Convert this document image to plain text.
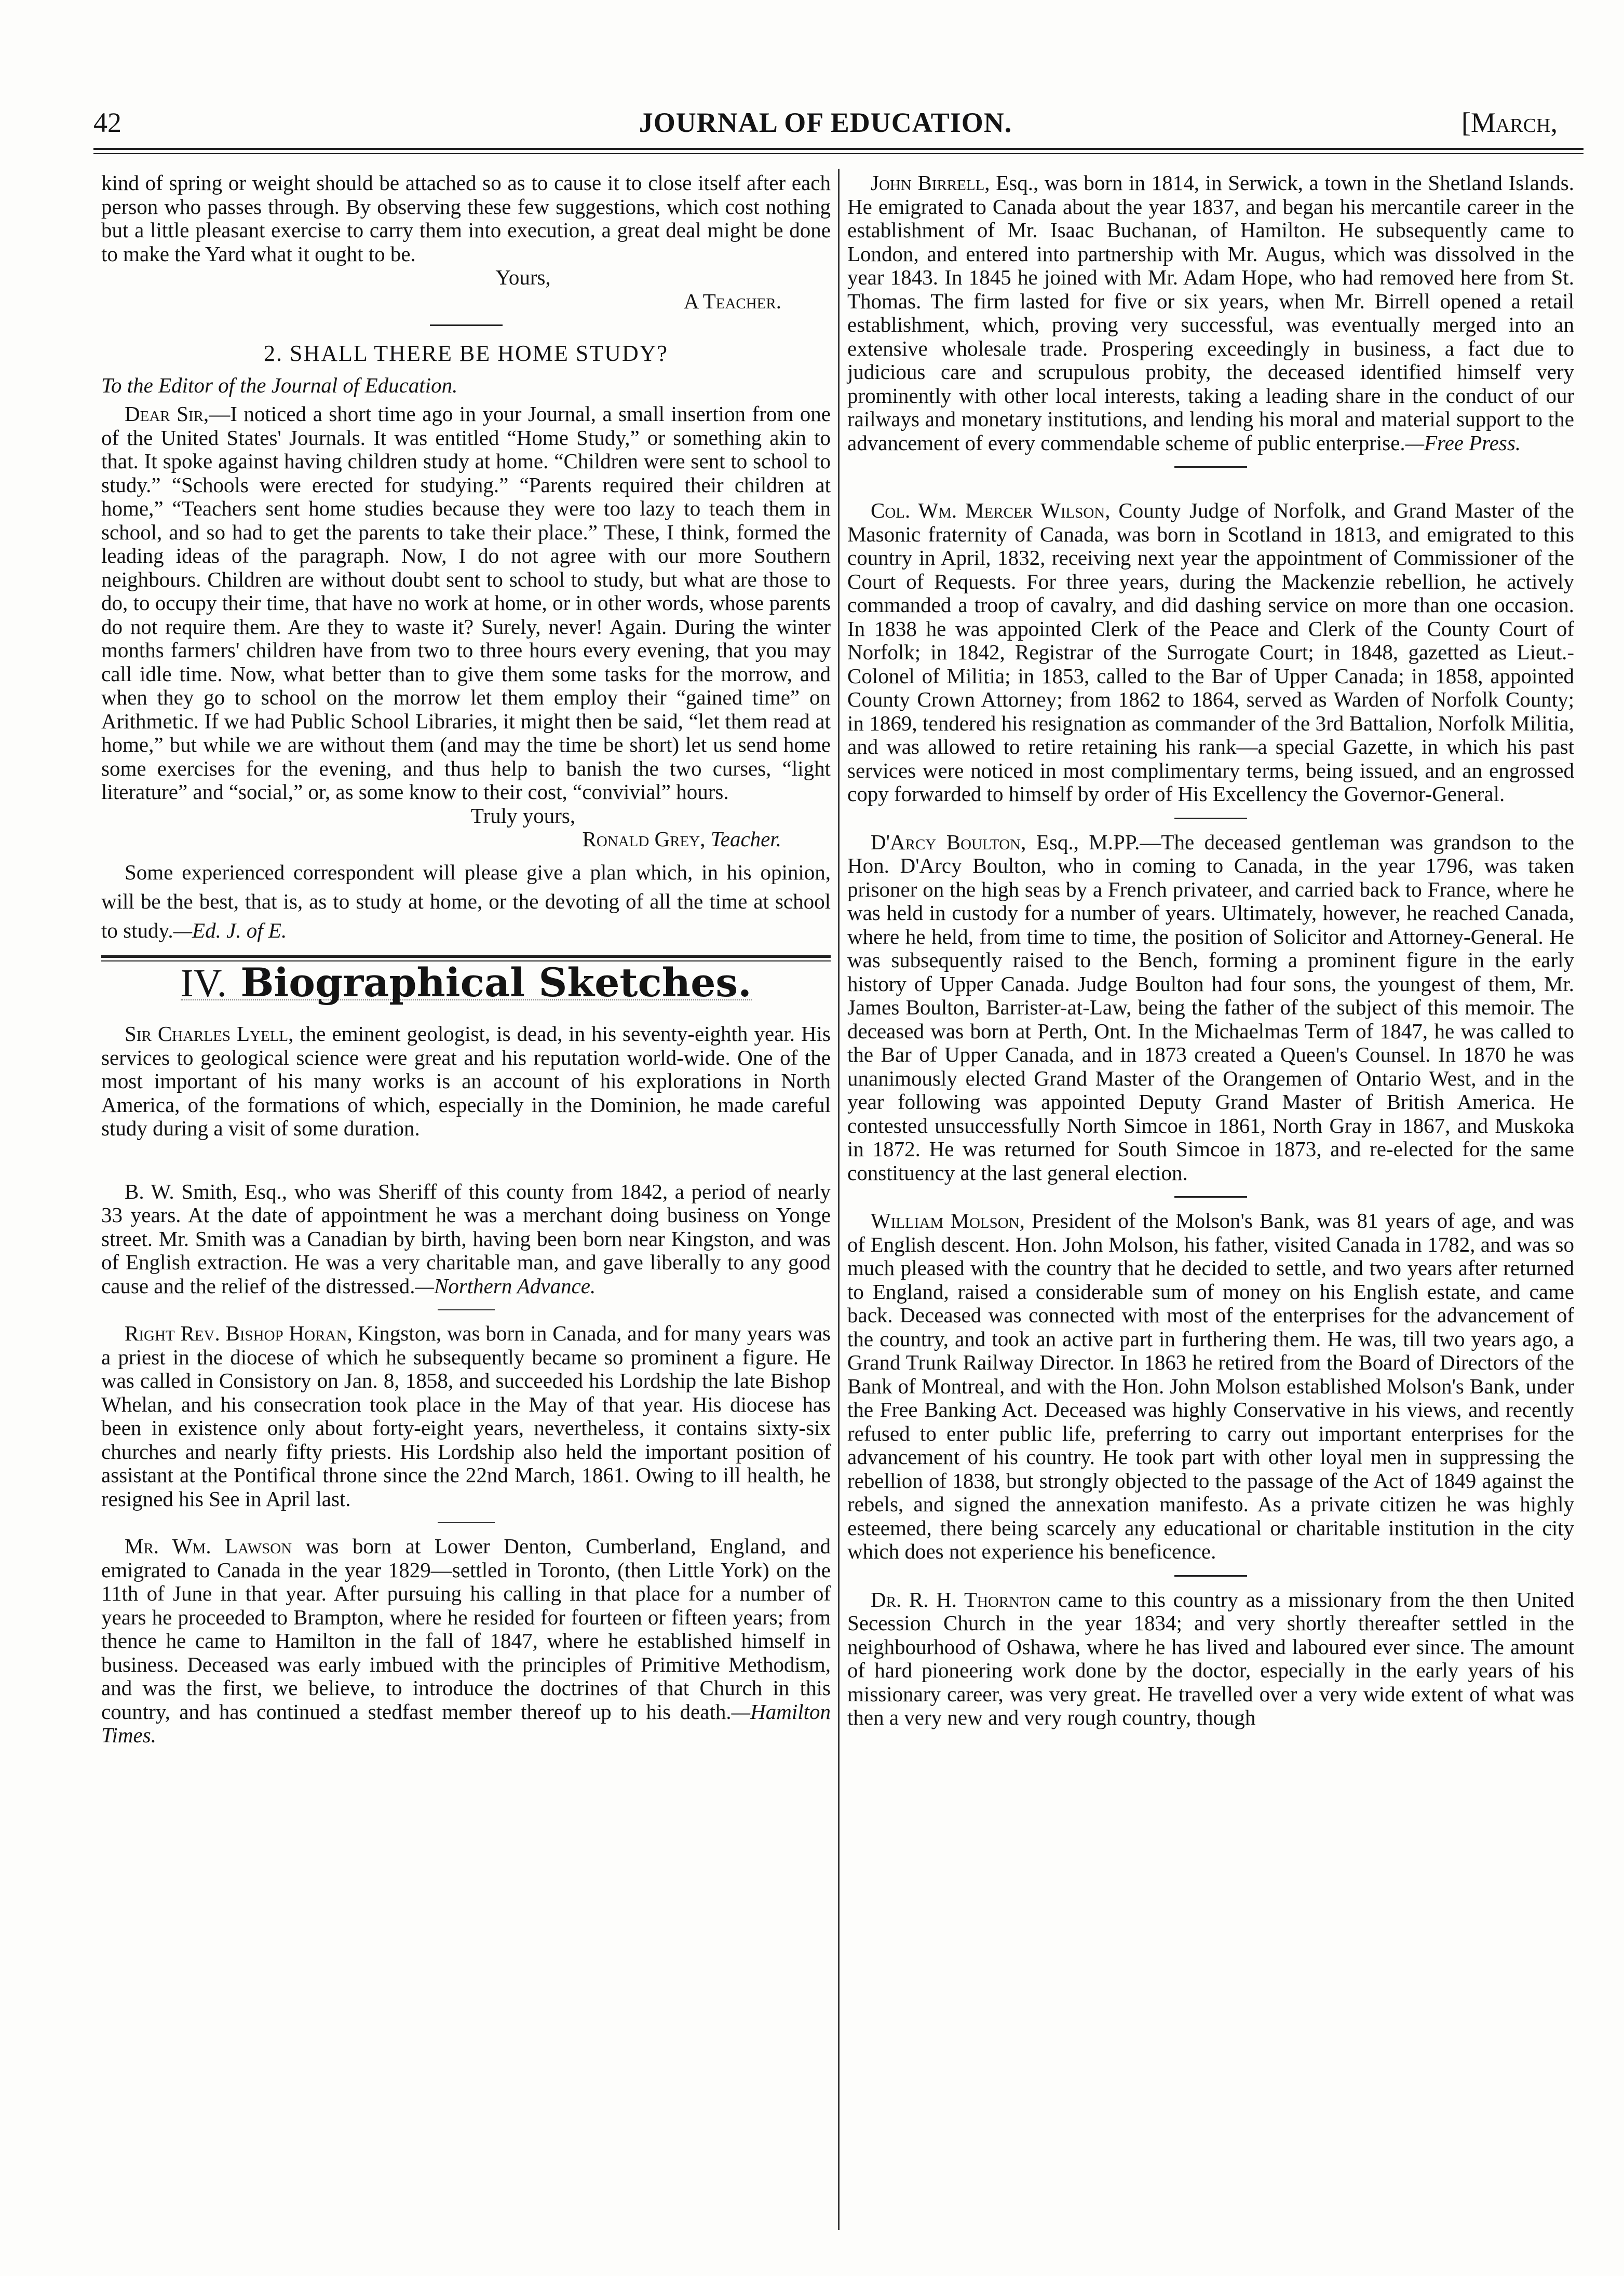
42	JOURNAL OF EDUCATION.	[March,

kind of spring or weight should be attached so as to cause it to close itself after each person who passes through. By observing these few suggestions, which cost nothing but a little pleasant exercise to carry them into execution, a great deal might be done to make the Yard what it ought to be.

Yours,
A Teacher.
2. SHALL THERE BE HOME STUDY?
To the Editor of the Journal of Education.

Dear Sir,—I noticed a short time ago in your Journal, a small insertion from one of the United States' Journals. It was entitled “Home Study,” or something akin to that. It spoke against having children study at home. “Children were sent to school to study.” “Schools were erected for studying.” “Parents required their children at home,” “Teachers sent home studies because they were too lazy to teach them in school, and so had to get the parents to take their place.” These, I think, formed the leading ideas of the paragraph. Now, I do not agree with our more Southern neighbours. Children are without doubt sent to school to study, but what are those to do, to occupy their time, that have no work at home, or in other words, whose parents do not require them. Are they to waste it? Surely, never! Again. During the winter months farmers' children have from two to three hours every evening, that you may call idle time. Now, what better than to give them some tasks for the morrow, and when they go to school on the morrow let them employ their “gained time” on Arithmetic. If we had Public School Libraries, it might then be said, “let them read at home,” but while we are without them (and may the time be short) let us send home some exercises for the evening, and thus help to banish the two curses, “light literature” and “social,” or, as some know to their cost, “convivial” hours.

Truly yours,
Ronald Grey, Teacher.

Some experienced correspondent will please give a plan which, in his opinion, will be the best, that is, as to study at home, or the devoting of all the time at school to study.—Ed. J. of E.

IV. Biographical Sketches.

Sir Charles Lyell, the eminent geologist, is dead, in his seventy-eighth year. His services to geological science were great and his reputation world-wide. One of the most important of his many works is an account of his explorations in North America, of the formations of which, especially in the Dominion, he made careful study during a visit of some duration.

B. W. Smith, Esq., who was Sheriff of this county from 1842, a period of nearly 33 years. At the date of appointment he was a merchant doing business on Yonge street. Mr. Smith was a Canadian by birth, having been born near Kingston, and was of English extraction. He was a very charitable man, and gave liberally to any good cause and the relief of the distressed.—Northern Advance.

Right Rev. Bishop Horan, Kingston, was born in Canada, and for many years was a priest in the diocese of which he subsequently became so prominent a figure. He was called in Consistory on Jan. 8, 1858, and succeeded his Lordship the late Bishop Whelan, and his consecration took place in the May of that year. His diocese has been in existence only about forty-eight years, nevertheless, it contains sixty-six churches and nearly fifty priests. His Lordship also held the important position of assistant at the Pontifical throne since the 22nd March, 1861. Owing to ill health, he resigned his See in April last.

Mr. Wm. Lawson was born at Lower Denton, Cumberland, England, and emigrated to Canada in the year 1829—settled in Toronto, (then Little York) on the 11th of June in that year. After pursuing his calling in that place for a number of years he proceeded to Brampton, where he resided for fourteen or fifteen years; from thence he came to Hamilton in the fall of 1847, where he established himself in business. Deceased was early imbued with the principles of Primitive Methodism, and was the first, we believe, to introduce the doctrines of that Church in this country, and has continued a stedfast member thereof up to his death.—Hamilton Times.

John Birrell, Esq., was born in 1814, in Serwick, a town in the Shetland Islands. He emigrated to Canada about the year 1837, and began his mercantile career in the establishment of Mr. Isaac Buchanan, of Hamilton. He subsequently came to London, and entered into partnership with Mr. Augus, which was dissolved in the year 1843. In 1845 he joined with Mr. Adam Hope, who had removed here from St. Thomas. The firm lasted for five or six years, when Mr. Birrell opened a retail establishment, which, proving very successful, was eventually merged into an extensive wholesale trade. Prospering exceedingly in business, a fact due to judicious care and scrupulous probity, the deceased identified himself very prominently with other local interests, taking a leading share in the conduct of our railways and monetary institutions, and lending his moral and material support to the advancement of every commendable scheme of public enterprise.—Free Press.

Col. Wm. Mercer Wilson, County Judge of Norfolk, and Grand Master of the Masonic fraternity of Canada, was born in Scotland in 1813, and emigrated to this country in April, 1832, receiving next year the appointment of Commissioner of the Court of Requests. For three years, during the Mackenzie rebellion, he actively commanded a troop of cavalry, and did dashing service on more than one occasion. In 1838 he was appointed Clerk of the Peace and Clerk of the County Court of Norfolk; in 1842, Registrar of the Surrogate Court; in 1848, gazetted as Lieut.-Colonel of Militia; in 1853, called to the Bar of Upper Canada; in 1858, appointed County Crown Attorney; from 1862 to 1864, served as Warden of Norfolk County; in 1869, tendered his resignation as commander of the 3rd Battalion, Norfolk Militia, and was allowed to retire retaining his rank—a special Gazette, in which his past services were noticed in most complimentary terms, being issued, and an engrossed copy forwarded to himself by order of His Excellency the Governor-General.

D'Arcy Boulton, Esq., M.PP.—The deceased gentleman was grandson to the Hon. D'Arcy Boulton, who in coming to Canada, in the year 1796, was taken prisoner on the high seas by a French privateer, and carried back to France, where he was held in custody for a number of years. Ultimately, however, he reached Canada, where he held, from time to time, the position of Solicitor and Attorney-General. He was subsequently raised to the Bench, forming a prominent figure in the early history of Upper Canada. Judge Boulton had four sons, the youngest of them, Mr. James Boulton, Barrister-at-Law, being the father of the subject of this memoir. The deceased was born at Perth, Ont. In the Michaelmas Term of 1847, he was called to the Bar of Upper Canada, and in 1873 created a Queen's Counsel. In 1870 he was unanimously elected Grand Master of the Orangemen of Ontario West, and in the year following was appointed Deputy Grand Master of British America. He contested unsuccessfully North Simcoe in 1861, North Gray in 1867, and Muskoka in 1872. He was returned for South Simcoe in 1873, and re-elected for the same constituency at the last general election.

William Molson, President of the Molson's Bank, was 81 years of age, and was of English descent. Hon. John Molson, his father, visited Canada in 1782, and was so much pleased with the country that he decided to settle, and two years after returned to England, raised a considerable sum of money on his English estate, and came back. Deceased was connected with most of the enterprises for the advancement of the country, and took an active part in furthering them. He was, till two years ago, a Grand Trunk Railway Director. In 1863 he retired from the Board of Directors of the Bank of Montreal, and with the Hon. John Molson established Molson's Bank, under the Free Banking Act. Deceased was highly Conservative in his views, and recently refused to enter public life, preferring to carry out important enterprises for the advancement of his country. He took part with other loyal men in suppressing the rebellion of 1838, but strongly objected to the passage of the Act of 1849 against the rebels, and signed the annexation manifesto. As a private citizen he was highly esteemed, there being scarcely any educational or charitable institution in the city which does not experience his beneficence.

Dr. R. H. Thornton came to this country as a missionary from the then United Secession Church in the year 1834; and very shortly thereafter settled in the neighbourhood of Oshawa, where he has lived and laboured ever since. The amount of hard pioneering work done by the doctor, especially in the early years of his missionary career, was very great. He travelled over a very wide extent of what was then a very new and very rough country, though
